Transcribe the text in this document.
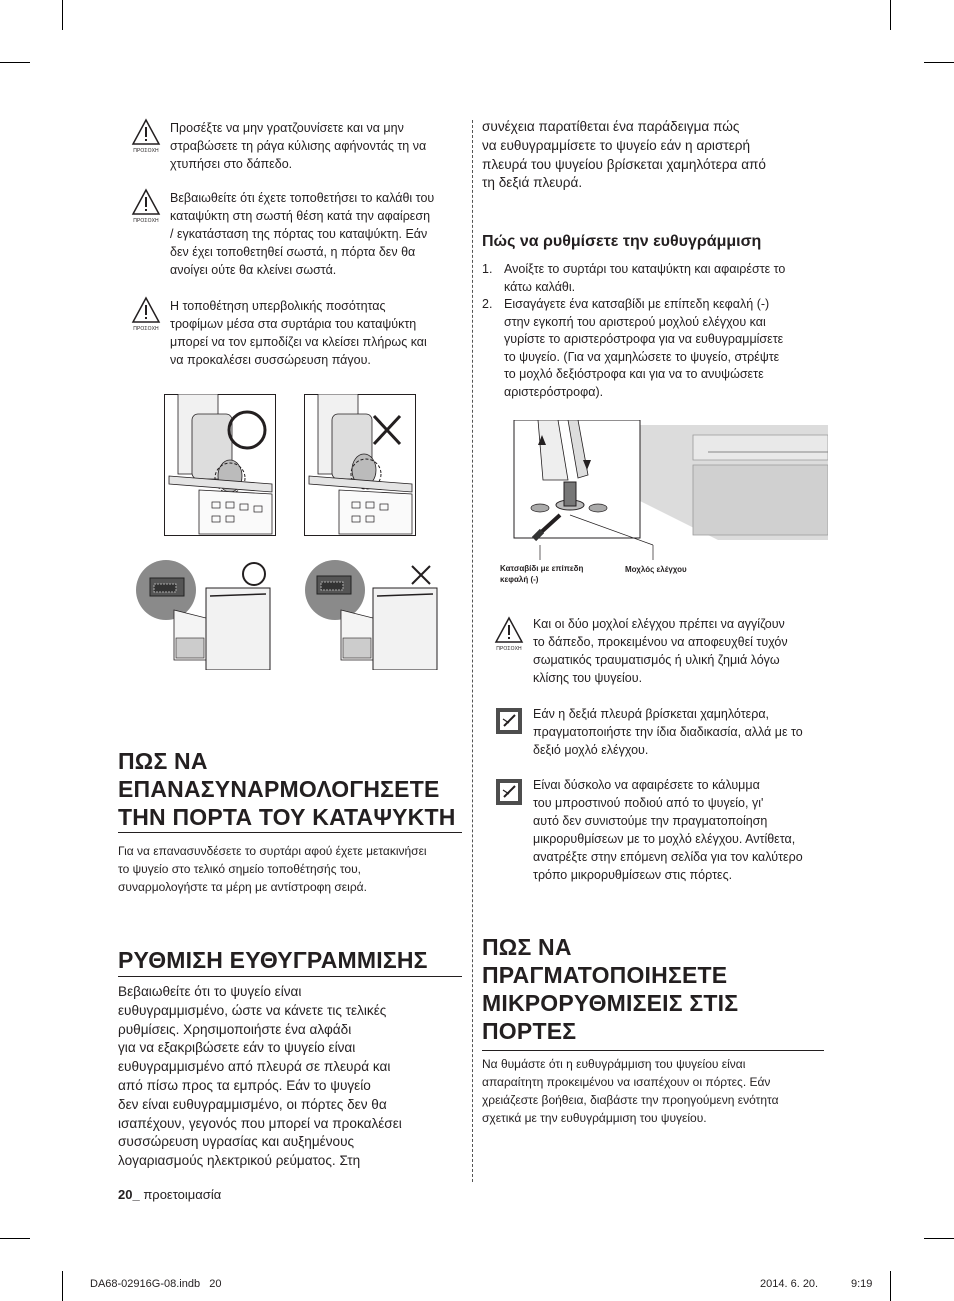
ΠΡΟΣΟΧΗ
Προσέξτε να μην γρατζουνίσετε και να μην
στραβώσετε τη ράγα κύλισης αφήνοντάς τη να
χτυπήσει στο δάπεδο.
ΠΡΟΣΟΧΗ
Βεβαιωθείτε ότι έχετε τοποθετήσει το καλάθι του
καταψύκτη στη σωστή θέση κατά την αφαίρεση
/ εγκατάσταση της πόρτας του καταψύκτη. Εάν
δεν έχει τοποθετηθεί σωστά, η πόρτα δεν θα
ανοίγει ούτε θα κλείνει σωστά.
ΠΡΟΣΟΧΗ
Η τοποθέτηση υπερβολικής ποσότητας
τροφίμων μέσα στα συρτάρια του καταψύκτη
μπορεί να τον εμποδίζει να κλείσει πλήρως και
να προκαλέσει συσσώρευση πάγου.
ΠΩΣ ΝΑ
ΕΠΑΝΑΣΥΝΑΡΜΟΛΟΓΗΣΕΤΕ
ΤΗΝ ΠΟΡΤΑ ΤΟΥ ΚΑΤΑΨΥΚΤΗ
Για να επανασυνδέσετε το συρτάρι αφού έχετε μετακινήσει
το ψυγείο στο τελικό σημείο τοποθέτησής του,
συναρμολογήστε τα μέρη με αντίστροφη σειρά.
ΡΥΘΜΙΣΗ ΕΥΘΥΓΡΑΜΜΙΣΗΣ
Βεβαιωθείτε ότι το ψυγείο είναι
ευθυγραμμισμένο, ώστε να κάνετε τις τελικές
ρυθμίσεις. Χρησιμοποιήστε ένα αλφάδι
για να εξακριβώσετε εάν το ψυγείο είναι
ευθυγραμμισμένο από πλευρά σε πλευρά και
από πίσω προς τα εμπρός. Εάν το ψυγείο
δεν είναι ευθυγραμμισμένο, οι πόρτες δεν θα
ισαπέχουν, γεγονός που μπορεί να προκαλέσει
συσσώρευση υγρασίας και αυξημένους
λογαριασμούς ηλεκτρικού ρεύματος. Στη
20_ προετοιμασία
συνέχεια παρατίθεται ένα παράδειγμα πώς
να ευθυγραμμίσετε το ψυγείο εάν η αριστερή
πλευρά του ψυγείου βρίσκεται χαμηλότερα από
τη δεξιά πλευρά.
Πώς να ρυθμίσετε την ευθυγράμμιση
1. Ανοίξτε το συρτάρι του καταψύκτη και αφαιρέστε το
κάτω καλάθι.
2. Εισαγάγετε ένα κατσαβίδι με επίπεδη κεφαλή (-)
στην εγκοπή του αριστερού μοχλού ελέγχου και
γυρίστε το αριστερόστροφα για να ευθυγραμμίσετε
το ψυγείο. (Για να χαμηλώσετε το ψυγείο, στρέψτε
το μοχλό δεξιόστροφα και για να το ανυψώσετε
αριστερόστροφα).
Κατσαβίδι με επίπεδη
κεφαλή (-)
Μοχλός ελέγχου
ΠΡΟΣΟΧΗ
Και οι δύο μοχλοί ελέγχου πρέπει να αγγίζουν
το δάπεδο, προκειμένου να αποφευχθεί τυχόν
σωματικός τραυματισμός ή υλική ζημιά λόγω
κλίσης του ψυγείου.
Εάν η δεξιά πλευρά βρίσκεται χαμηλότερα,
πραγματοποιήστε την ίδια διαδικασία, αλλά με το
δεξιό μοχλό ελέγχου.
Είναι δύσκολο να αφαιρέσετε το κάλυμμα
του μπροστινού ποδιού από το ψυγείο, γι'
αυτό δεν συνιστούμε την πραγματοποίηση
μικρορυθμίσεων με το μοχλό ελέγχου. Αντίθετα,
ανατρέξτε στην επόμενη σελίδα για τον καλύτερο
τρόπο μικρορυθμίσεων στις πόρτες.
ΠΩΣ ΝΑ
ΠΡΑΓΜΑΤΟΠΟΙΗΣΕΤΕ
ΜΙΚΡΟΡΥΘΜΙΣΕΙΣ ΣΤΙΣ
ΠΟΡΤΕΣ
Να θυμάστε ότι η ευθυγράμμιση του ψυγείου είναι
απαραίτητη προκειμένου να ισαπέχουν οι πόρτες. Εάν
χρειάζεστε βοήθεια, διαβάστε την προηγούμενη ενότητα
σχετικά με την ευθυγράμμιση του ψυγείου.
DA68-02916G-08.indb   20	2014. 6. 20.	9:19
